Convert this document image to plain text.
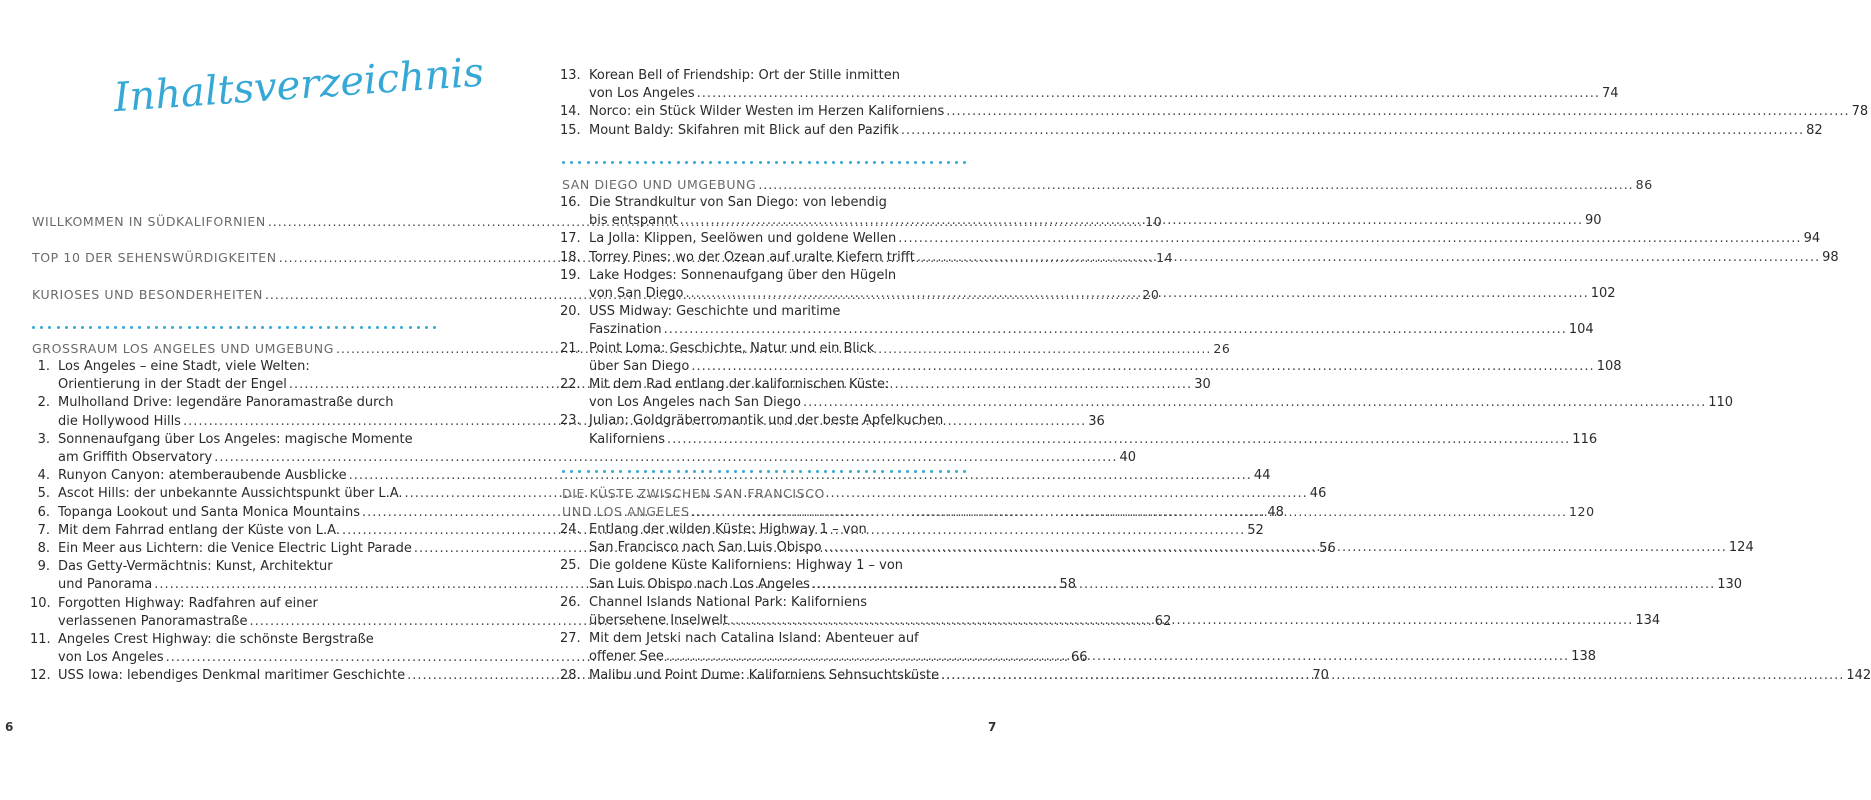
Inhaltsverzeichnis
WILLKOMMEN IN SÜDKALIFORNIEN .....	10
TOP 10 DER SEHENSWÜRDIGKEITEN .....	14
KURIOSES UND BESONDERHEITEN .....	20
GROSSRAUM LOS ANGELES UND UMGEBUNG .....	26
1. Los Angeles – eine Stadt, viele Welten:
Orientierung in der Stadt der Engel .....	30
2. Mulholland Drive: legendäre Panoramastraße durch
die Hollywood Hills .....	36
3. Sonnenaufgang über Los Angeles: magische Momente
am Griffith Observatory .....	40
4. Runyon Canyon: atemberaubende Ausblicke .....	44
5. Ascot Hills: der unbekannte Aussichtspunkt über L.A. .....	46
6. Topanga Lookout und Santa Monica Mountains .....	48
7. Mit dem Fahrrad entlang der Küste von L.A. .....	52
8. Ein Meer aus Lichtern: die Venice Electric Light Parade .....	56
9. Das Getty-Vermächtnis: Kunst, Architektur
und Panorama .....	58
10. Forgotten Highway: Radfahren auf einer
verlassenen Panoramastraße .....	62
11. Angeles Crest Highway: die schönste Bergstraße
von Los Angeles .....	66
12. USS Iowa: lebendiges Denkmal maritimer Geschichte .....	70
6
13. Korean Bell of Friendship: Ort der Stille inmitten
von Los Angeles .....	74
14. Norco: ein Stück Wilder Westen im Herzen Kaliforniens .....	78
15. Mount Baldy: Skifahren mit Blick auf den Pazifik .....	82
SAN DIEGO UND UMGEBUNG .....	86
16. Die Strandkultur von San Diego: von lebendig
bis entspannt .....	90
17. La Jolla: Klippen, Seelöwen und goldene Wellen .....	94
18. Torrey Pines: wo der Ozean auf uralte Kiefern trifft .....	98
19. Lake Hodges: Sonnenaufgang über den Hügeln
von San Diego .....	102
20. USS Midway: Geschichte und maritime
Faszination .....	104
21. Point Loma: Geschichte, Natur und ein Blick
über San Diego .....	108
22. Mit dem Rad entlang der kalifornischen Küste:
von Los Angeles nach San Diego .....	110
23. Julian: Goldgräberromantik und der beste Apfelkuchen
Kaliforniens .....	116
DIE KÜSTE ZWISCHEN SAN FRANCISCO
UND LOS ANGELES .....	120
24. Entlang der wilden Küste: Highway 1 – von
San Francisco nach San Luis Obispo .....	124
25. Die goldene Küste Kaliforniens: Highway 1 – von
San Luis Obispo nach Los Angeles .....	130
26. Channel Islands National Park: Kaliforniens
übersehene Inselwelt .....	134
27. Mit dem Jetski nach Catalina Island: Abenteuer auf
offener See .....	138
28. Malibu und Point Dume: Kaliforniens Sehnsuchtsküste .....	142
7
